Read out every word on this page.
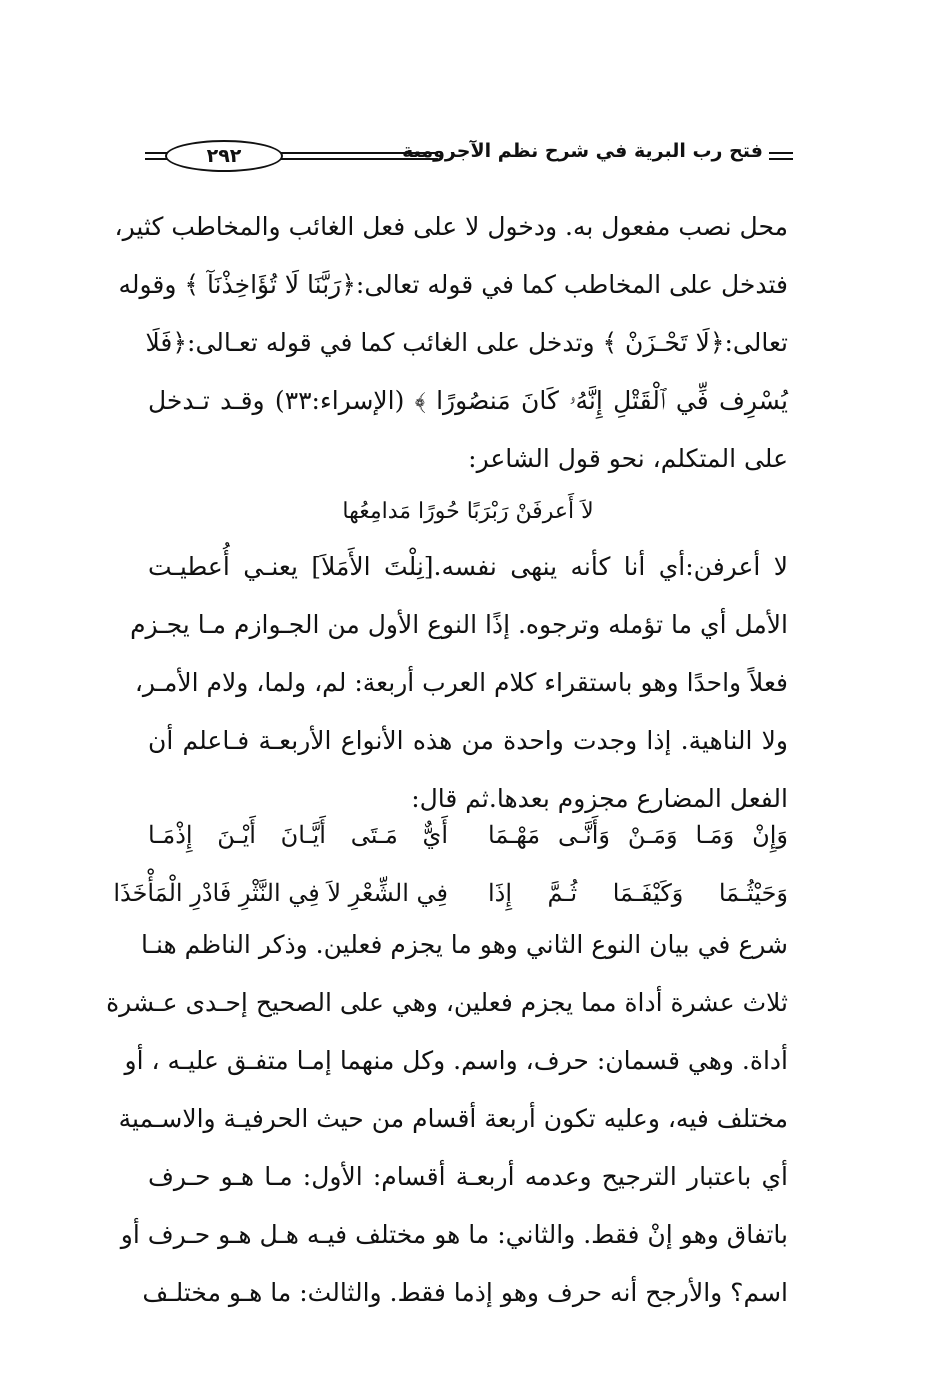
فتح رب البرية في شرح نظم الآجرومية
٢٩٢
محل نصب مفعول به. ودخول لا على فعل الغائب والمخاطب كثير،
فتدخل على المخاطب كما في قوله تعالى:﴿رَبَّنَا لَا تُؤَاخِذْنَآ ﴾ وقوله
تعالى:﴿لَا تَحْـزَنْ ﴾ وتدخل على الغائب كما في قوله تعـالى:﴿فَلَا
يُسْرِف فِّي ٱلْقَتْلِ إِنَّهُۥ كَانَ مَنصُورًا ﴾ (الإسراء:٣٣) وقـد تـدخل
على المتكلم، نحو قول الشاعر:
لاَ أَعرفَنْ رَبْرَبًا حُورًا مَدامِعُها
لا أعرفن:أي أنا كأنه ينهى نفسه.[نِلْتَ الأَمَلاَ] يعنـي أُعطيـت
الأمل أي ما تؤمله وترجوه. إذًا النوع الأول من الجـوازم مـا يجـزم
فعلاً واحدًا وهو باستقراء كلام العرب أربعة: لم، ولما، ولام الأمـر،
ولا الناهية. إذا وجدت واحدة من هذه الأنواع الأربعـة فـاعلم أن
الفعل المضارع مجزوم بعدها.ثم قال:
وَإِنْ وَمَـا وَمَـنْ وَأَنَّـى مَهْـمَا
أَيٌّ مَـتَى أَيَّـانَ أَيْـنَ إِذْمَـا
وَحَيْثُـمَا وَكَيْفَـمَا ثُـمَّ إِذَا
فِي الشِّعْرِ لاَ فِي النَّثْرِ فَادْرِ الْمَأْخَذَا
شرع في بيان النوع الثاني وهو ما يجزم فعلين. وذكر الناظم هنـا
ثلاث عشرة أداة مما يجزم فعلين، وهي على الصحيح إحـدى عـشرة
أداة. وهي قسمان: حرف، واسم. وكل منهما إمـا متفـق عليـه ، أو
مختلف فيه، وعليه تكون أربعة أقسام من حيث الحرفيـة والاسـمية
أي باعتبار الترجيح وعدمه أربعـة أقسام: الأول: مـا هـو حـرف
باتفاق وهو إنْ فقط. والثاني: ما هو مختلف فيـه هـل هـو حـرف أو
اسم؟ والأرجح أنه حرف وهو إذما فقط. والثالث: ما هـو مختلـف
